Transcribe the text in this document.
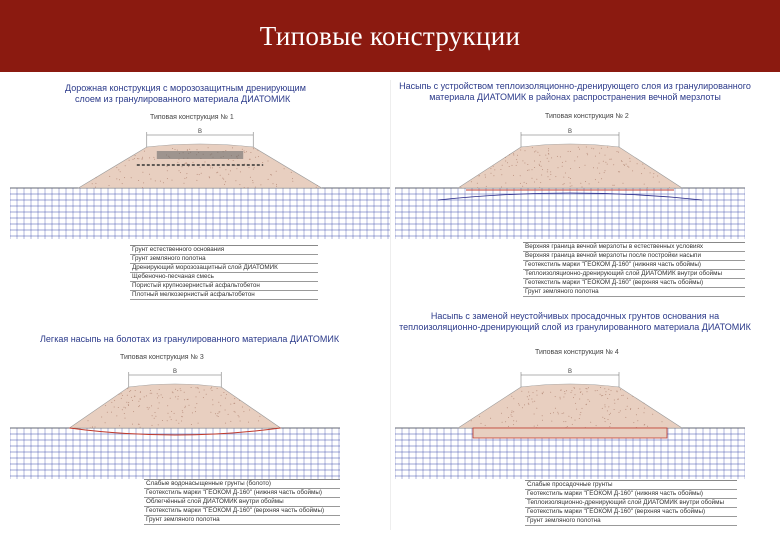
Типовые конструкции
Дорожная конструкция с морозозащитным дренирующим
слоем из гранулированного материала ДИАТОМИК
Типовая конструкция № 1
В
Грунт естественного основания
Грунт земляного полотна
Дренирующий морозозащитный слой ДИАТОМИК
Щебеночно-песчаная смесь
Пористый крупнозернистый асфальтобетон
Плотный мелкозернистый асфальтобетон
Насыпь с устройством теплоизоляционно-дренирующего слоя из гранулированного
материала ДИАТОМИК в районах распространения вечной мерзлоты
Типовая конструкция № 2
В
Верхняя граница вечной мерзлоты в естественных условиях
Верхняя граница вечной мерзлоты после постройки насыпи
Геотекстиль марки "ГЕОКОМ Д-160" (нижняя часть обоймы)
Теплоизоляционно-дренирующий слой ДИАТОМИК внутри обоймы
Геотекстиль марки "ГЕОКОМ Д-160" (верхняя часть обоймы)
Грунт земляного полотна
Легкая насыпь на болотах из гранулированного материала ДИАТОМИК
Типовая конструкция № 3
В
Слабые водонасыщенные грунты (болото)
Геотекстиль марки "ГЕОКОМ Д-160" (нижняя часть обоймы)
Облегчённый слой ДИАТОМИК внутри обоймы
Геотекстиль марки "ГЕОКОМ Д-160" (верхняя часть обоймы)
Грунт земляного полотна
Насыпь с заменой неустойчивых просадочных грунтов основания на
теплоизоляционно-дренирующий слой из гранулированного материала ДИАТОМИК
Типовая конструкция № 4
В
Слабые просадочные грунты
Геотекстиль марки "ГЕОКОМ Д-160" (нижняя часть обоймы)
Теплоизоляционно-дренирующий слой ДИАТОМИК внутри обоймы
Геотекстиль марки "ГЕОКОМ Д-160" (верхняя часть обоймы)
Грунт земляного полотна
